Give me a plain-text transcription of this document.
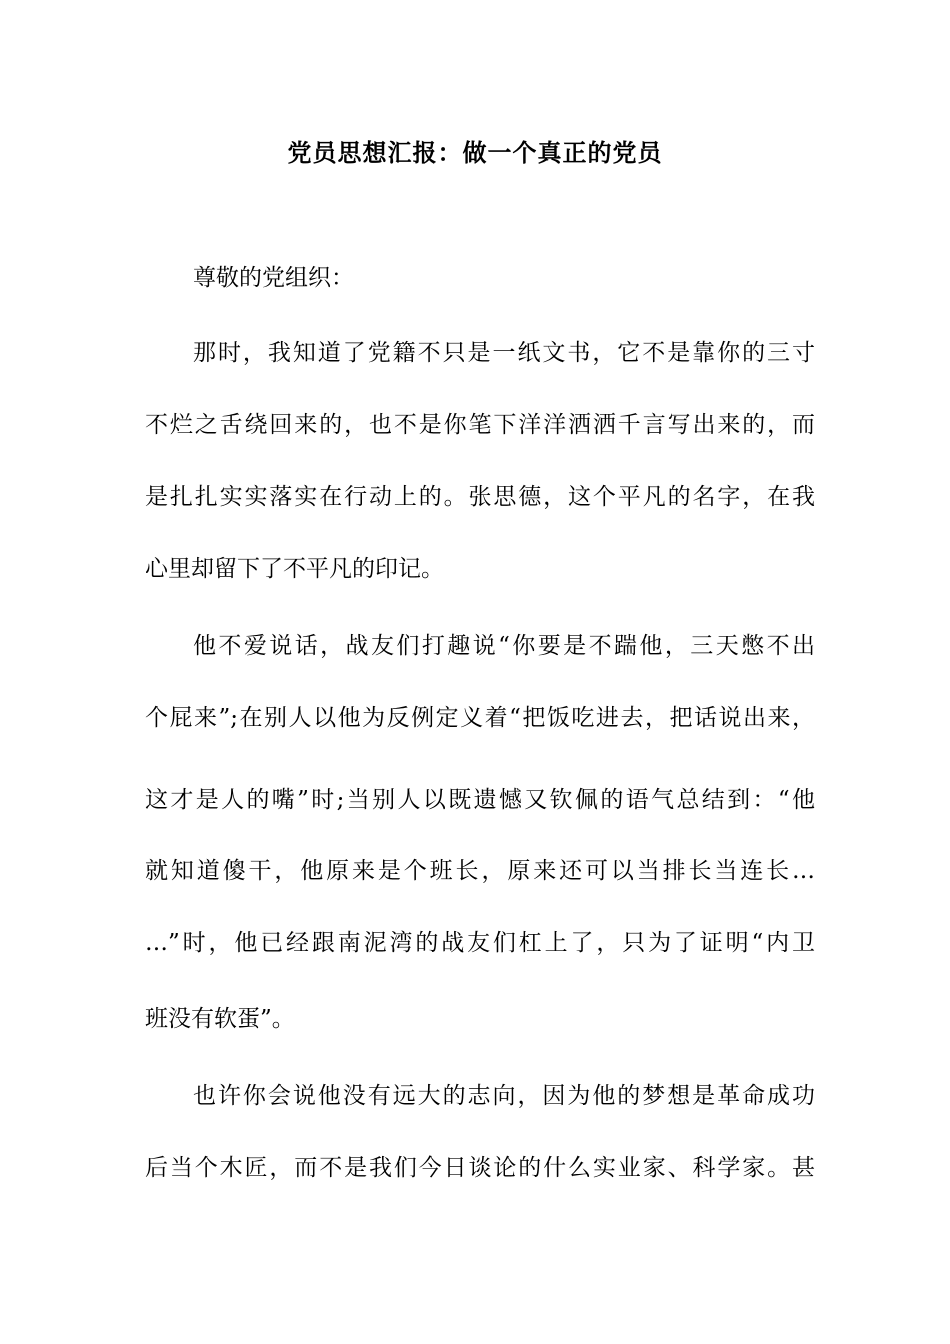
党员思想汇报：做一个真正的党员
尊敬的党组织：
那时，我知道了党籍不只是一纸文书，它不是靠你的三寸
不烂之舌绕回来的，也不是你笔下洋洋洒洒千言写出来的，而
是扎扎实实落实在行动上的。张思德，这个平凡的名字，在我
心里却留下了不平凡的印记。
他不爱说话，战友们打趣说“你要是不踹他，三天憋不出
个屁来”;在别人以他为反例定义着“把饭吃进去，把话说出来，
这才是人的嘴”时;当别人以既遗憾又钦佩的语气总结到：“他
就知道傻干，他原来是个班长，原来还可以当排长当连长…
…”时，他已经跟南泥湾的战友们杠上了，只为了证明“内卫
班没有软蛋”。
也许你会说他没有远大的志向，因为他的梦想是革命成功
后当个木匠，而不是我们今日谈论的什么实业家、科学家。甚
